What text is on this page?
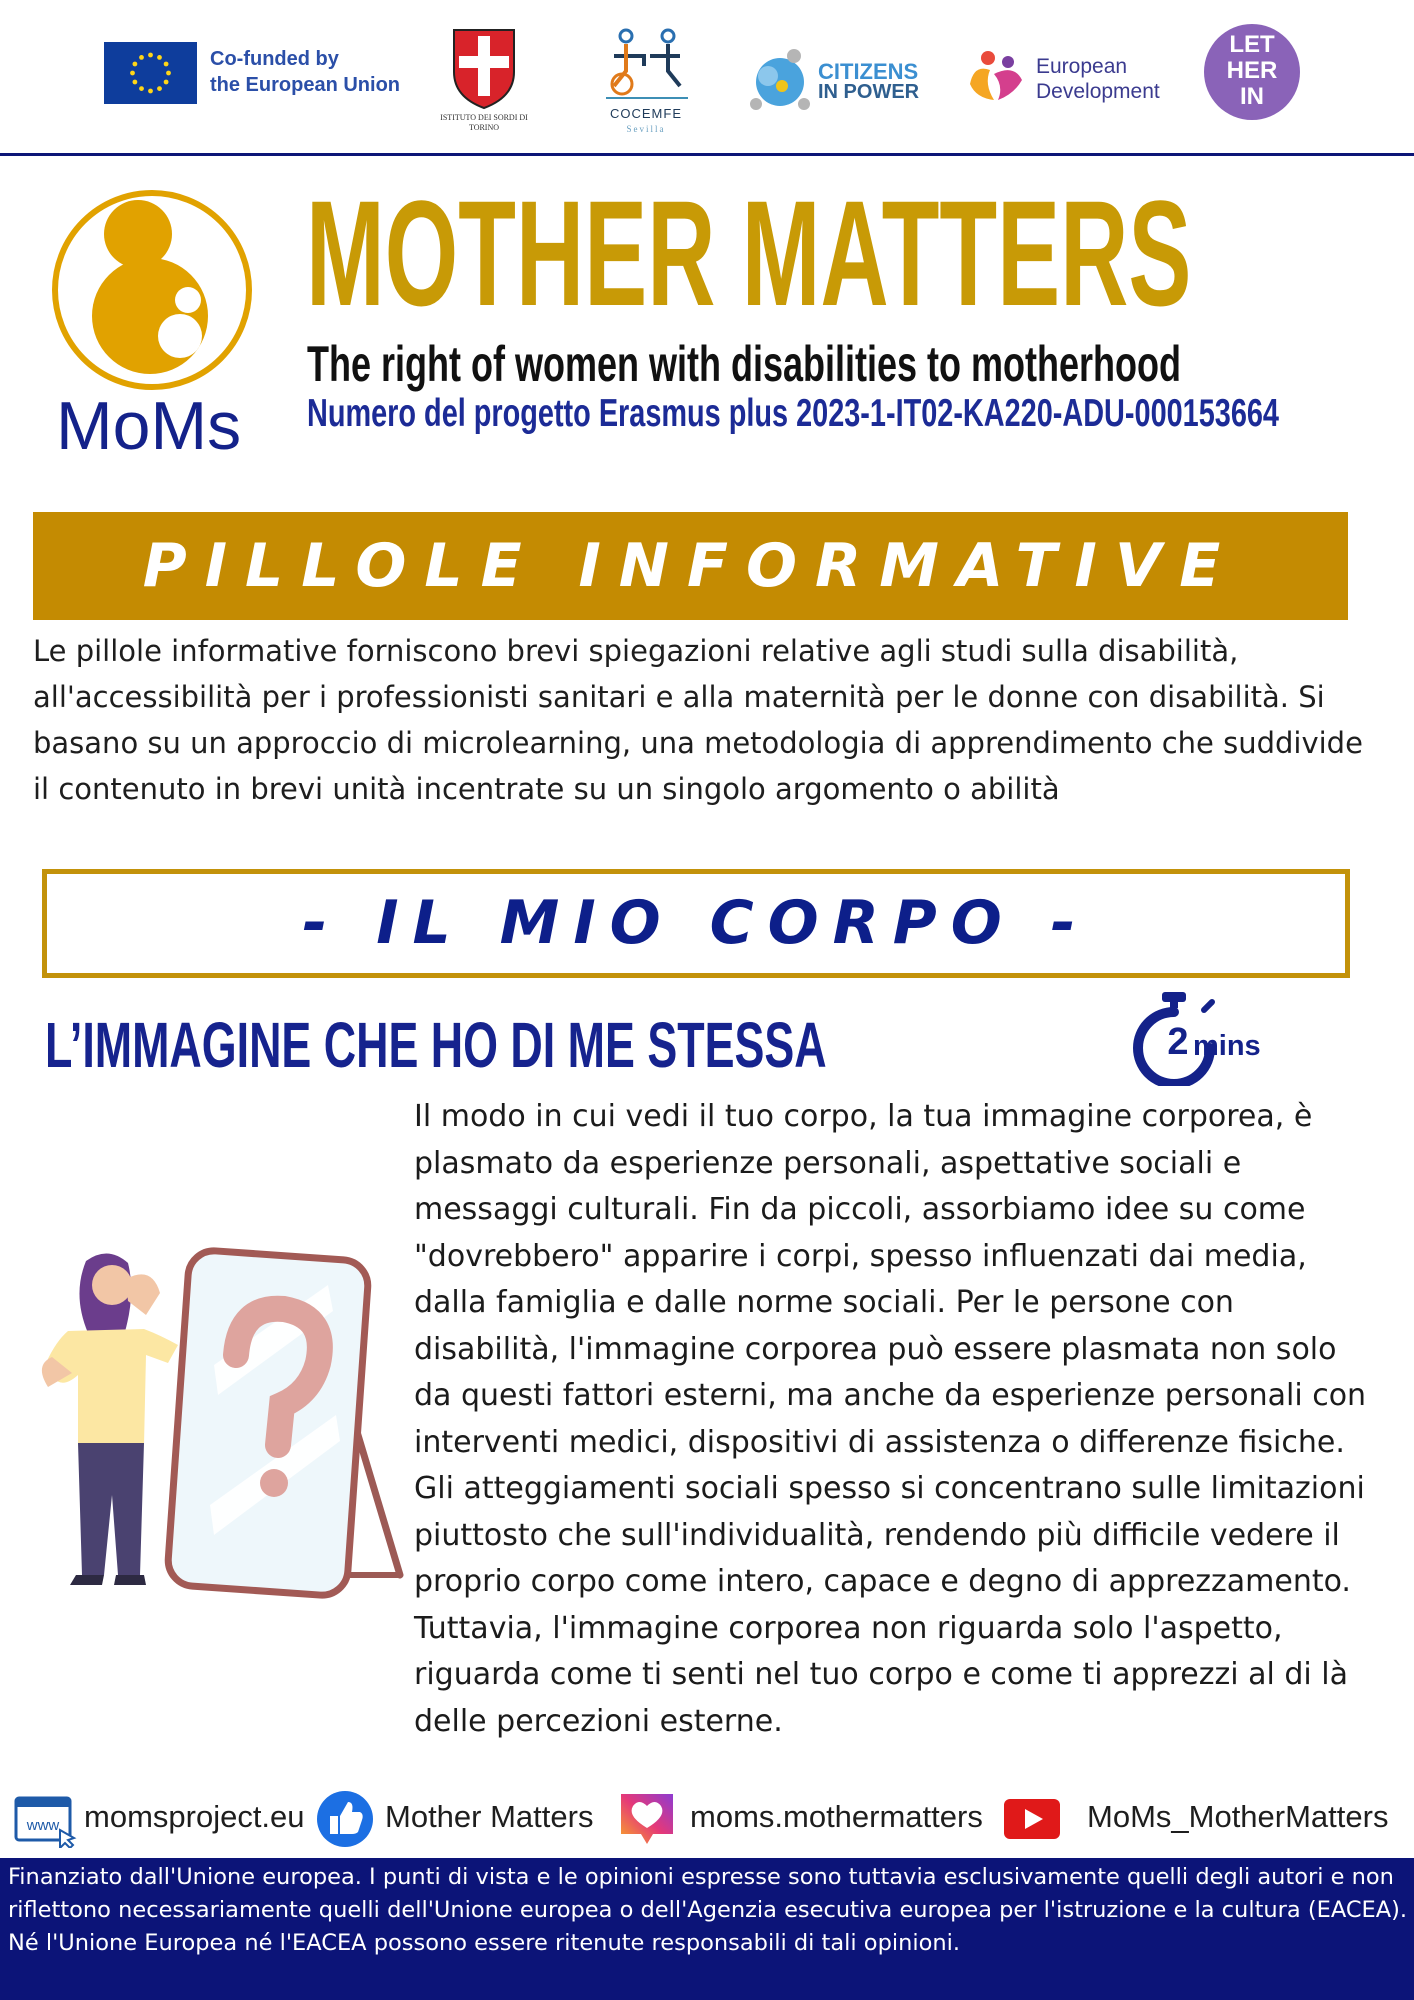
Co-funded by
the European Union
ISTITUTO DEI SORDI DI TORINO
COCEMFE
Sevilla
CITIZENS
IN POWER
European
Development
LET
HER
IN
MoMs
MOTHER MATTERS
The right of women with disabilities to motherhood
Numero del progetto Erasmus plus 2023-1-IT02-KA220-ADU-000153664
PILLOLE INFORMATIVE
Le pillole informative forniscono brevi spiegazioni relative agli studi sulla disabilità, all'accessibilità per i professionisti sanitari e alla maternità per le donne con disabilità. Si basano su un approccio di microlearning, una metodologia di apprendimento che suddivide il contenuto in brevi unità incentrate su un singolo argomento o abilità
- IL MIO CORPO -
L’IMMAGINE CHE HO DI ME STESSA	2 mins
Il modo in cui vedi il tuo corpo, la tua immagine corporea, è plasmato da esperienze personali, aspettative sociali e messaggi culturali. Fin da piccoli, assorbiamo idee su come "dovrebbero" apparire i corpi, spesso influenzati dai media, dalla famiglia e dalle norme sociali. Per le persone con disabilità, l'immagine corporea può essere plasmata non solo da questi fattori esterni, ma anche da esperienze personali con interventi medici, dispositivi di assistenza o differenze fisiche. Gli atteggiamenti sociali spesso si concentrano sulle limitazioni piuttosto che sull'individualità, rendendo più difficile vedere il proprio corpo come intero, capace e degno di apprezzamento. Tuttavia, l'immagine corporea non riguarda solo l'aspetto, riguarda come ti senti nel tuo corpo e come ti apprezzi al di là delle percezioni esterne.
www momsproject.eu	Mother Matters	moms.mothermatters	MoMs_MotherMatters
Finanziato dall'Unione europea. I punti di vista e le opinioni espresse sono tuttavia esclusivamente quelli degli autori e non riflettono necessariamente quelli dell'Unione europea o dell'Agenzia esecutiva europea per l'istruzione e la cultura (EACEA). Né l'Unione Europea né l'EACEA possono essere ritenute responsabili di tali opinioni.
